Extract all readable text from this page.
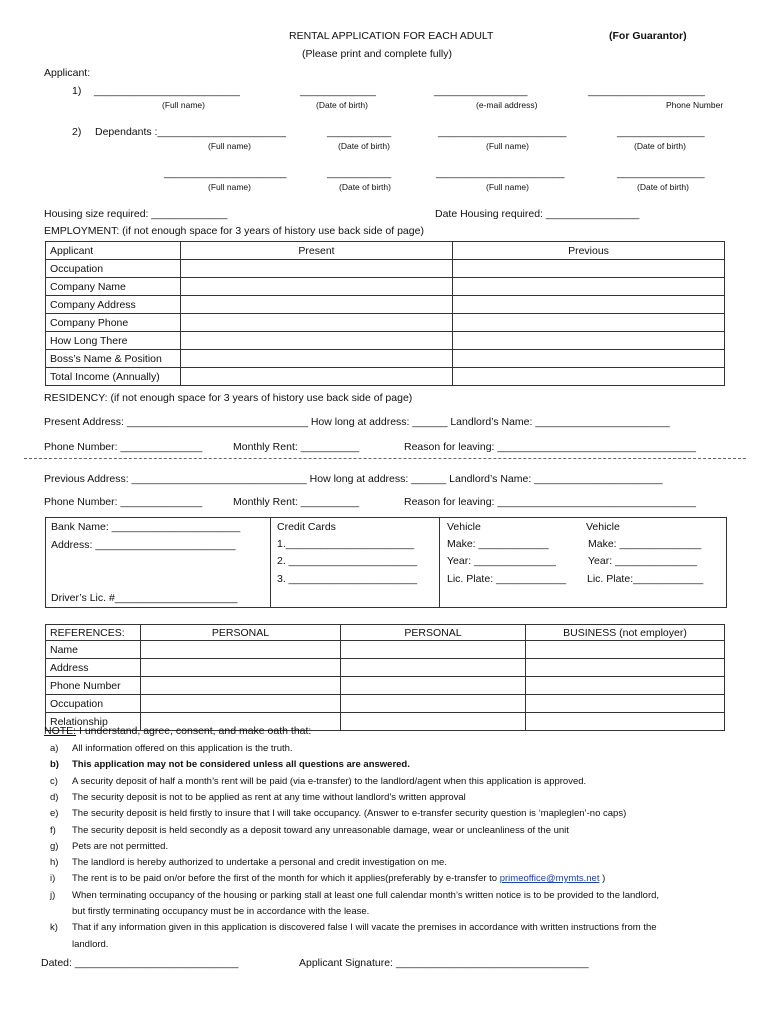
RENTAL APPLICATION FOR EACH ADULT	(For Guarantor)
(Please print and complete fully)
Applicant:
1) _________________________	_____________	________________	____________________
(Full name)	(Date of birth)	(e-mail address)	Phone Number
2) Dependants :______________________	___________	______________________	_______________
(Full name)	(Date of birth)	(Full name)	(Date of birth)
_____________________	___________	______________________	_______________
(Full name)	(Date of birth)	(Full name)	(Date of birth)
Housing size required: _____________	Date Housing required: ________________
EMPLOYMENT: (if not enough space for 3 years of history use back side of page)
Applicant	Present	Previous
Occupation		
Company Name		
Company Address		
Company Phone		
How Long There		
Boss’s Name & Position		
Total Income (Annually)		
RESIDENCY: (if not enough space for 3 years of history use back side of page)
Present Address: _______________________________ How long at address: ______ Landlord’s Name: _______________________
Phone Number: ______________	Monthly Rent: __________	Reason for leaving: __________________________________
Previous Address: ______________________________ How long at address: ______ Landlord’s Name: ______________________
Phone Number: ______________	Monthly Rent: __________	Reason for leaving: __________________________________
Bank Name: ______________________
Address: ________________________
Driver’s Lic. #_____________________
Credit Cards
1.______________________
2. ______________________
3. ______________________
Vehicle
Make: ____________
Year: ______________
Lic. Plate: ____________
Vehicle
Make: ______________
Year: ______________
Lic. Plate:____________
REFERENCES:	PERSONAL	PERSONAL	BUSINESS (not employer)
Name			
Address			
Phone Number			
Occupation			
Relationship			
NOTE: I understand, agree, consent, and make oath that:
a) All information offered on this application is the truth.
b) This application may not be considered unless all questions are answered.
c) A security deposit of half a month’s rent will be paid (via e-transfer) to the landlord/agent when this application is approved.
d) The security deposit is not to be applied as rent at any time without landlord’s written approval
e) The security deposit is held firstly to insure that I will take occupancy. (Answer to e-transfer security question is ‘mapleglen’-no caps)
f) The security deposit is held secondly as a deposit toward any unreasonable damage, wear or uncleanliness of the unit
g) Pets are not permitted.
h) The landlord is hereby authorized to undertake a personal and credit investigation on me.
i) The rent is to be paid on/or before the first of the month for which it applies(preferably by e-transfer to primeoffice@mymts.net )
j) When terminating occupancy of the housing or parking stall at least one full calendar month’s written notice is to be provided to the landlord,
but firstly terminating occupancy must be in accordance with the lease.
k) That if any information given in this application is discovered false I will vacate the premises in accordance with written instructions from the
landlord.
Dated: ____________________________	Applicant Signature: _________________________________
